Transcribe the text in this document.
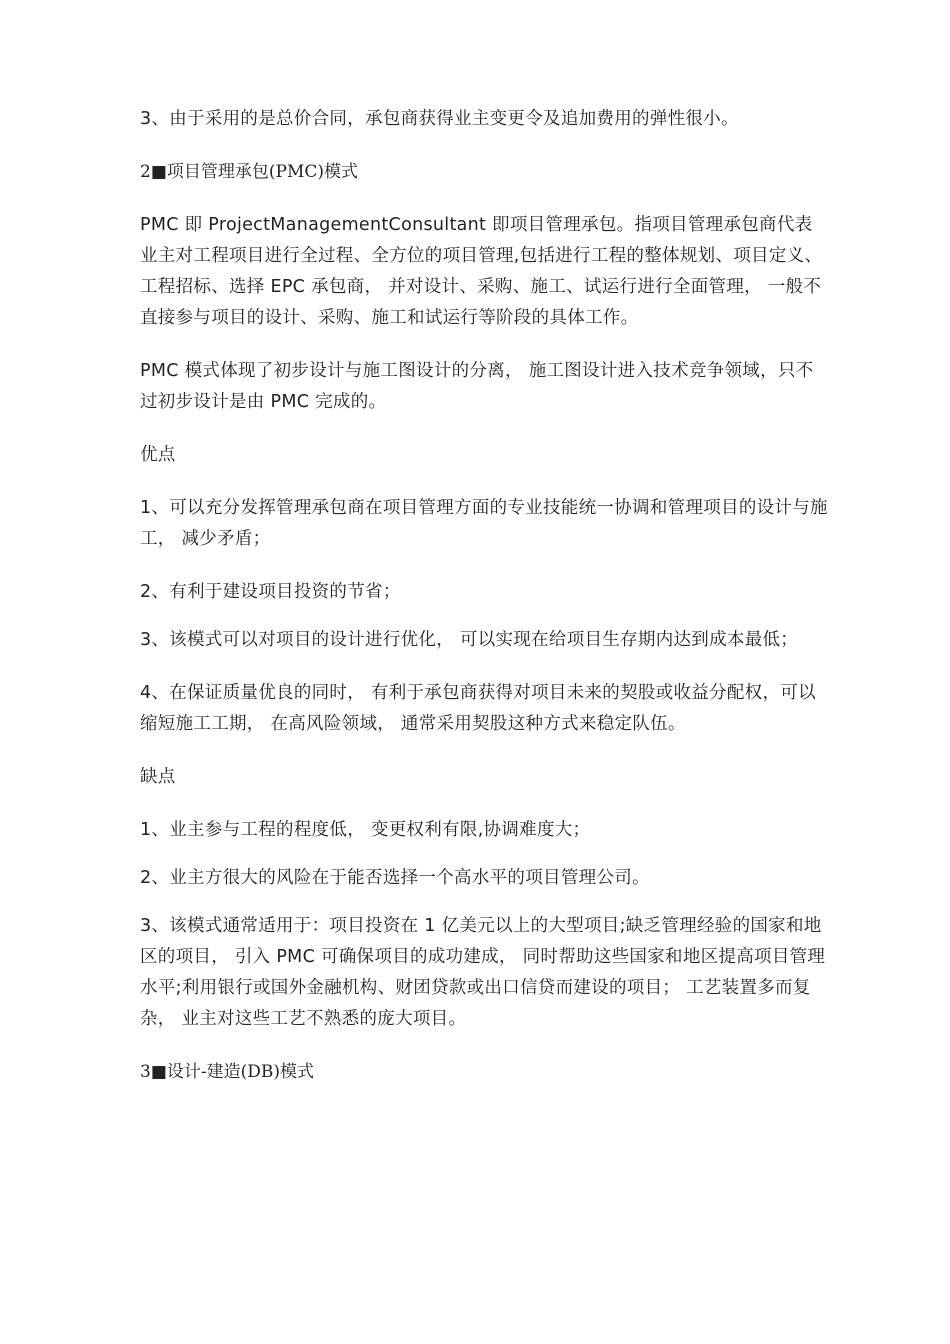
3、由于采用的是总价合同，承包商获得业主变更令及追加费用的弹性很小。

2■项目管理承包(PMC)模式

PMC 即 ProjectManagementConsultant 即项目管理承包。指项目管理承包商代表业主对工程项目进行全过程、全方位的项目管理,包括进行工程的整体规划、项目定义、工程招标、选择 EPC 承包商， 并对设计、采购、施工、试运行进行全面管理， 一般不直接参与项目的设计、采购、施工和试运行等阶段的具体工作。

PMC 模式体现了初步设计与施工图设计的分离， 施工图设计进入技术竞争领域，只不过初步设计是由 PMC 完成的。

优点

1、可以充分发挥管理承包商在项目管理方面的专业技能统一协调和管理项目的设计与施工， 减少矛盾；

2、有利于建设项目投资的节省；

3、该模式可以对项目的设计进行优化， 可以实现在给项目生存期内达到成本最低；

4、在保证质量优良的同时， 有利于承包商获得对项目未来的契股或收益分配权，可以缩短施工工期， 在高风险领域， 通常采用契股这种方式来稳定队伍。

缺点

1、业主参与工程的程度低， 变更权利有限,协调难度大；

2、业主方很大的风险在于能否选择一个高水平的项目管理公司。

3、该模式通常适用于：项目投资在 1 亿美元以上的大型项目;缺乏管理经验的国家和地区的项目， 引入 PMC 可确保项目的成功建成， 同时帮助这些国家和地区提高项目管理水平;利用银行或国外金融机构、财团贷款或出口信贷而建设的项目； 工艺装置多而复杂， 业主对这些工艺不熟悉的庞大项目。

3■设计-建造(DB)模式
